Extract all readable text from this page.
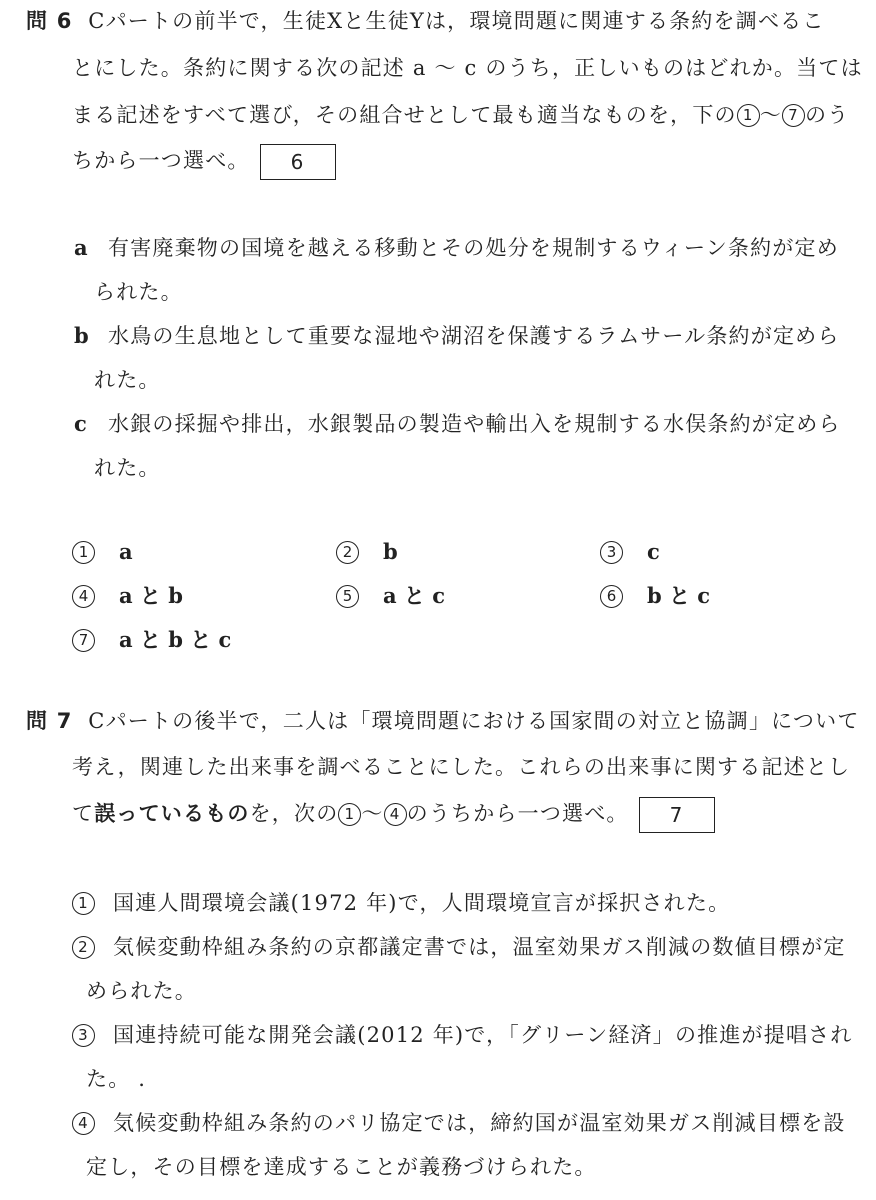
問 6 Cパートの前半で，生徒Xと生徒Yは，環境問題に関連する条約を調べるこ
とにした。条約に関する次の記述 a ～ c のうち，正しいものはどれか。当ては
まる記述をすべて選び，その組合せとして最も適当なものを，下の 1 ～ 7 のう
ちから一つ選べ。 6
a 有害廃棄物の国境を越える移動とその処分を規制するウィーン条約が定め
られた。
b 水鳥の生息地として重要な湿地や湖沼を保護するラムサール条約が定めら
れた。
c 水銀の採掘や排出，水銀製品の製造や輸出入を規制する水俣条約が定めら
れた。
1 a	2 b	3 c
4 a と b	5 a と c	6 b と c
7 a と b と c
問 7 Cパートの後半で，二人は「環境問題における国家間の対立と協調」について
考え，関連した出来事を調べることにした。これらの出来事に関する記述とし
て誤っているものを，次の 1 ～ 4 のうちから一つ選べ。 7
1 国連人間環境会議(1972 年)で，人間環境宣言が採択された。
2 気候変動枠組み条約の京都議定書では，温室効果ガス削減の数値目標が定
められた。
3 国連持続可能な開発会議(2012 年)で，「グリーン経済」の推進が提唱され
た。 .
4 気候変動枠組み条約のパリ協定では，締約国が温室効果ガス削減目標を設
定し，その目標を達成することが義務づけられた。
